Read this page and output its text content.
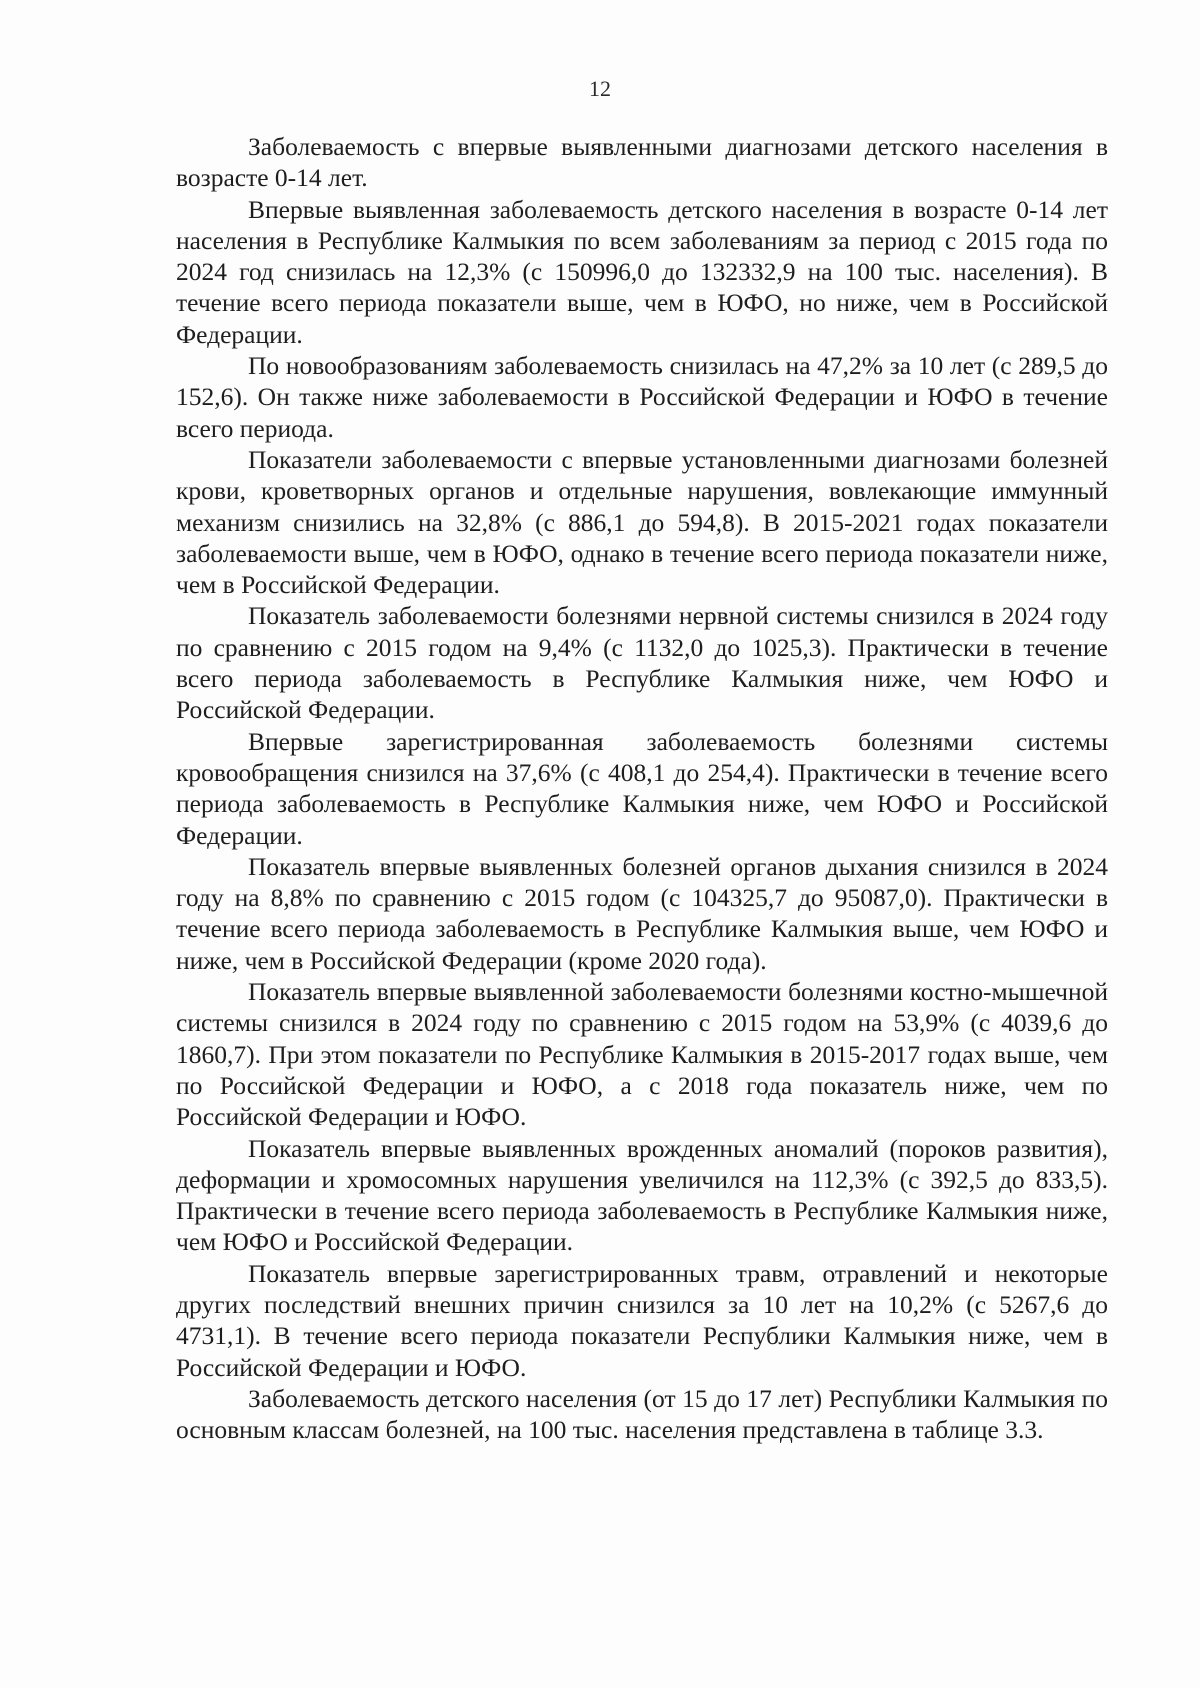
12

Заболеваемость с впервые выявленными диагнозами детского населения в возрасте 0-14 лет.

Впервые выявленная заболеваемость детского населения в возрасте 0-14 лет населения в Республике Калмыкия по всем заболеваниям за период с 2015 года по 2024 год снизилась на 12,3% (с 150996,0 до 132332,9 на 100 тыс. населения). В течение всего периода показатели выше, чем в ЮФО, но ниже, чем в Российской Федерации.

По новообразованиям заболеваемость снизилась на 47,2% за 10 лет (с 289,5 до 152,6). Он также ниже заболеваемости в Российской Федерации и ЮФО в течение всего периода.

Показатели заболеваемости с впервые установленными диагнозами болезней крови, кроветворных органов и отдельные нарушения, вовлекающие иммунный механизм снизились на 32,8% (с 886,1 до 594,8). В 2015-2021 годах показатели заболеваемости выше, чем в ЮФО, однако в течение всего периода показатели ниже, чем в Российской Федерации.

Показатель заболеваемости болезнями нервной системы снизился в 2024 году по сравнению с 2015 годом на 9,4% (с 1132,0 до 1025,3). Практически в течение всего периода заболеваемость в Республике Калмыкия ниже, чем ЮФО и Российской Федерации.

Впервые зарегистрированная заболеваемость болезнями системы кровообращения снизился на 37,6% (с 408,1 до 254,4). Практически в течение всего периода заболеваемость в Республике Калмыкия ниже, чем ЮФО и Российской Федерации.

Показатель впервые выявленных болезней органов дыхания снизился в 2024 году на 8,8% по сравнению с 2015 годом (с 104325,7 до 95087,0). Практически в течение всего периода заболеваемость в Республике Калмыкия выше, чем ЮФО и ниже, чем в Российской Федерации (кроме 2020 года).

Показатель впервые выявленной заболеваемости болезнями костно-мышечной системы снизился в 2024 году по сравнению с 2015 годом на 53,9% (с 4039,6 до 1860,7). При этом показатели по Республике Калмыкия в 2015-2017 годах выше, чем по Российской Федерации и ЮФО, а с 2018 года показатель ниже, чем по Российской Федерации и ЮФО.

Показатель впервые выявленных врожденных аномалий (пороков развития), деформации и хромосомных нарушения увеличился на 112,3% (с 392,5 до 833,5). Практически в течение всего периода заболеваемость в Республике Калмыкия ниже, чем ЮФО и Российской Федерации.

Показатель впервые зарегистрированных травм, отравлений и некоторые других последствий внешних причин снизился за 10 лет на 10,2% (с 5267,6 до 4731,1). В течение всего периода показатели Республики Калмыкия ниже, чем в Российской Федерации и ЮФО.

Заболеваемость детского населения (от 15 до 17 лет) Республики Калмыкия по основным классам болезней, на 100 тыс. населения представлена в таблице 3.3.
